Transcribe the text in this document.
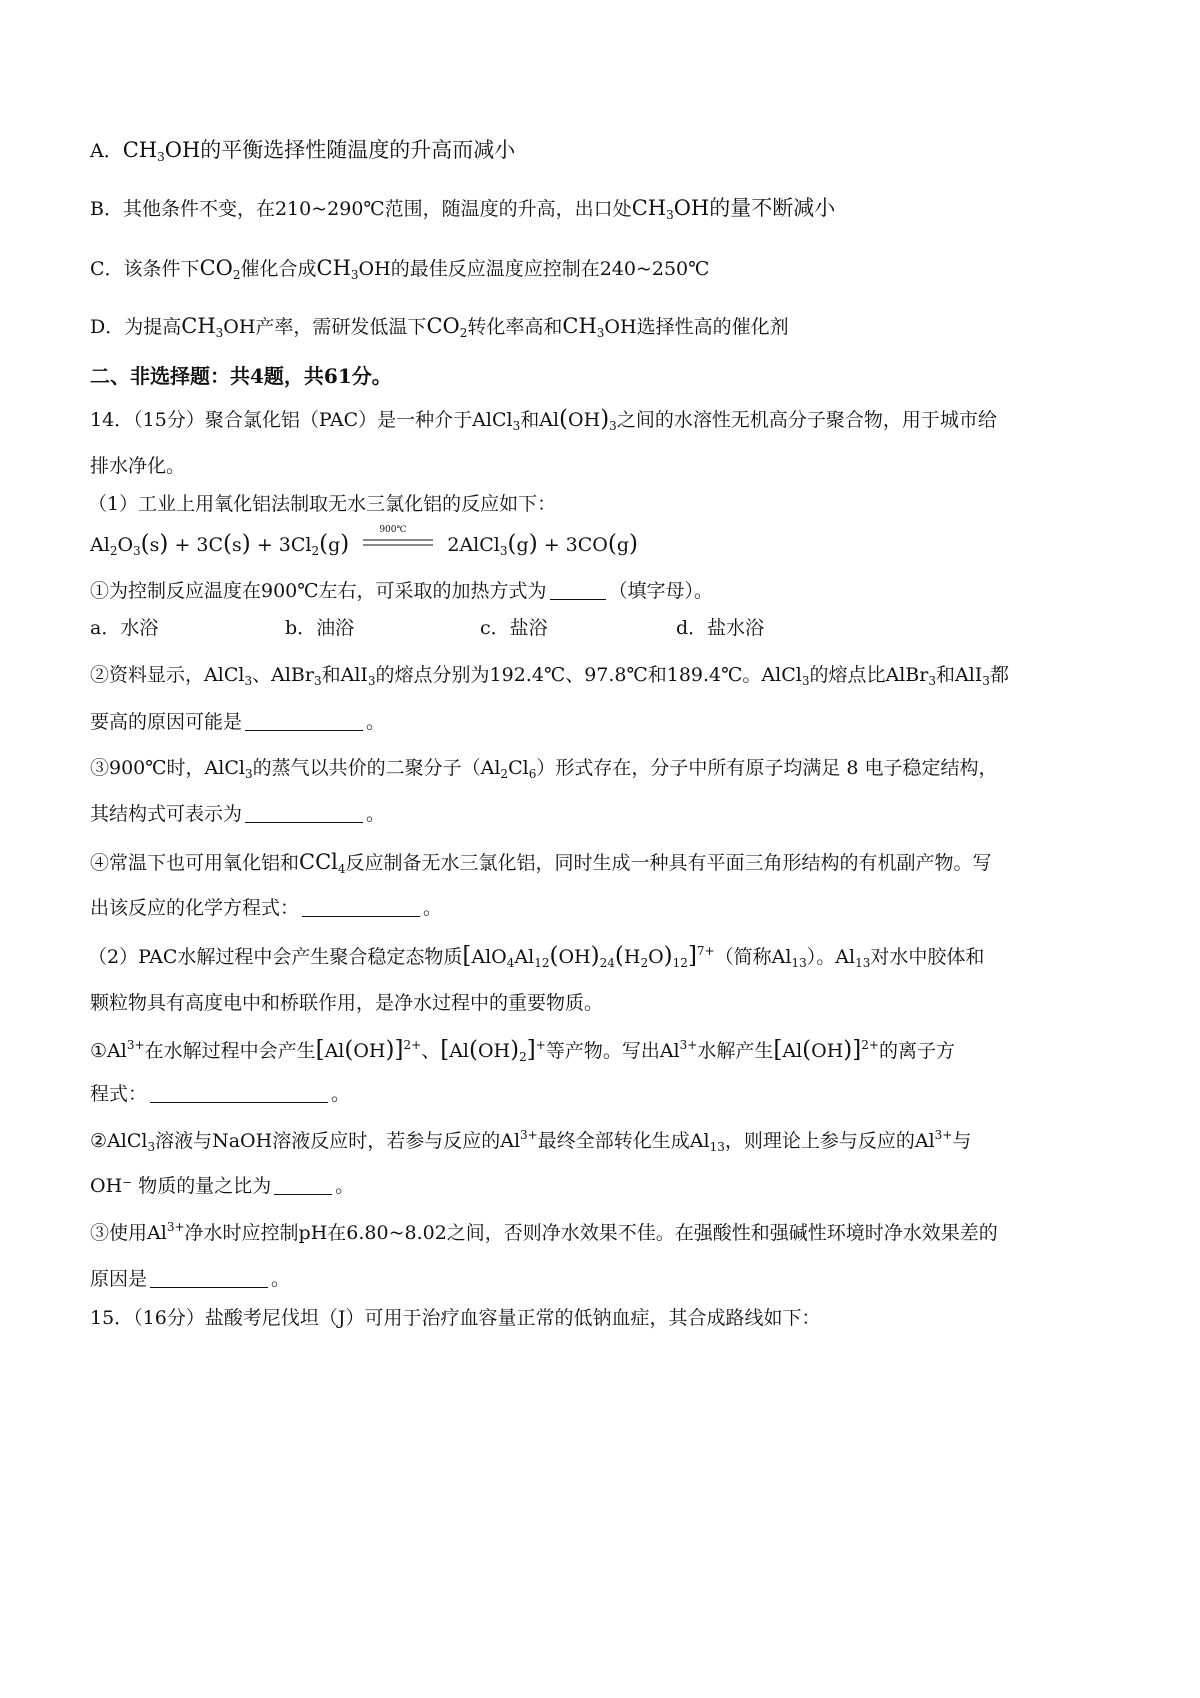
A．$CH_3OH$的平衡选择性随温度的升高而减小
B．其他条件不变，在210~290℃范围，随温度的升高，出口处$CH_3OH$的量不断减小
C．该条件下$CO_2$催化合成$CH_3OH$的最佳反应温度应控制在240~250℃
D．为提高$CH_3OH$产率，需研发低温下$CO_2$转化率高和$CH_3OH$选择性高的催化剂
二、非选择题：共4题，共61分。
14．（15分）聚合氯化铝（PAC）是一种介于AlCl$_3$和$Al(OH)_3$之间的水溶性无机高分子聚合物，用于城市给
排水净化。
（1）工业上用氧化铝法制取无水三氯化铝的反应如下：
$Al_2O_3(s) + 3C(s) + 3Cl_2(g)$
900℃
2AlCl$_3$(g) + 3CO(g)
①为控制反应温度在900℃左右，可采取的加热方式为	（填字母）。
a．水浴	b．油浴	c．盐浴	d．盐水浴
②资料显示，AlCl$_3$、AlBr$_3$和AlI$_3$的熔点分别为192.4℃、97.8℃和189.4℃。AlCl$_3$的熔点比AlBr$_3$和AlI$_3$都
要高的原因可能是	。
③900℃时，AlCl$_3$的蒸气以共价的二聚分子$(Al_2Cl_6)$形式存在，分子中所有原子均满足 8 电子稳定结构，
其结构式可表示为	。
④常温下也可用氧化铝和CCl$_4$反应制备无水三氯化铝，同时生成一种具有平面三角形结构的有机副产物。写
出该反应的化学方程式：	。
（2）PAC水解过程中会产生聚合稳定态物质$[AlO_4Al_{12}(OH)_{24}(H_2O)_{12}]^{7+}$（简称$Al_{13}$）。$Al_{13}$对水中胶体和
颗粒物具有高度电中和桥联作用，是净水过程中的重要物质。
$①Al^{3+}$在水解过程中会产生$[Al(OH)]^{2+}$、$[Al(OH)_2]^+$等产物。写出$Al^{3+}$水解产生$[Al(OH)]^{2+}$的离子方
程式：	。
②AlCl$_3$溶液与NaOH溶液反应时，若参与反应的$Al^{3+}$最终全部转化生成$Al_{13}$，则理论上参与反应的$Al^{3+}$与
OH⁻ 物质的量之比为	。
③使用$Al^{3+}$净水时应控制pH在6.80~8.02之间，否则净水效果不佳。在强酸性和强碱性环境时净水效果差的
原因是	。
15．（16分）盐酸考尼伐坦（J）可用于治疗血容量正常的低钠血症，其合成路线如下：
